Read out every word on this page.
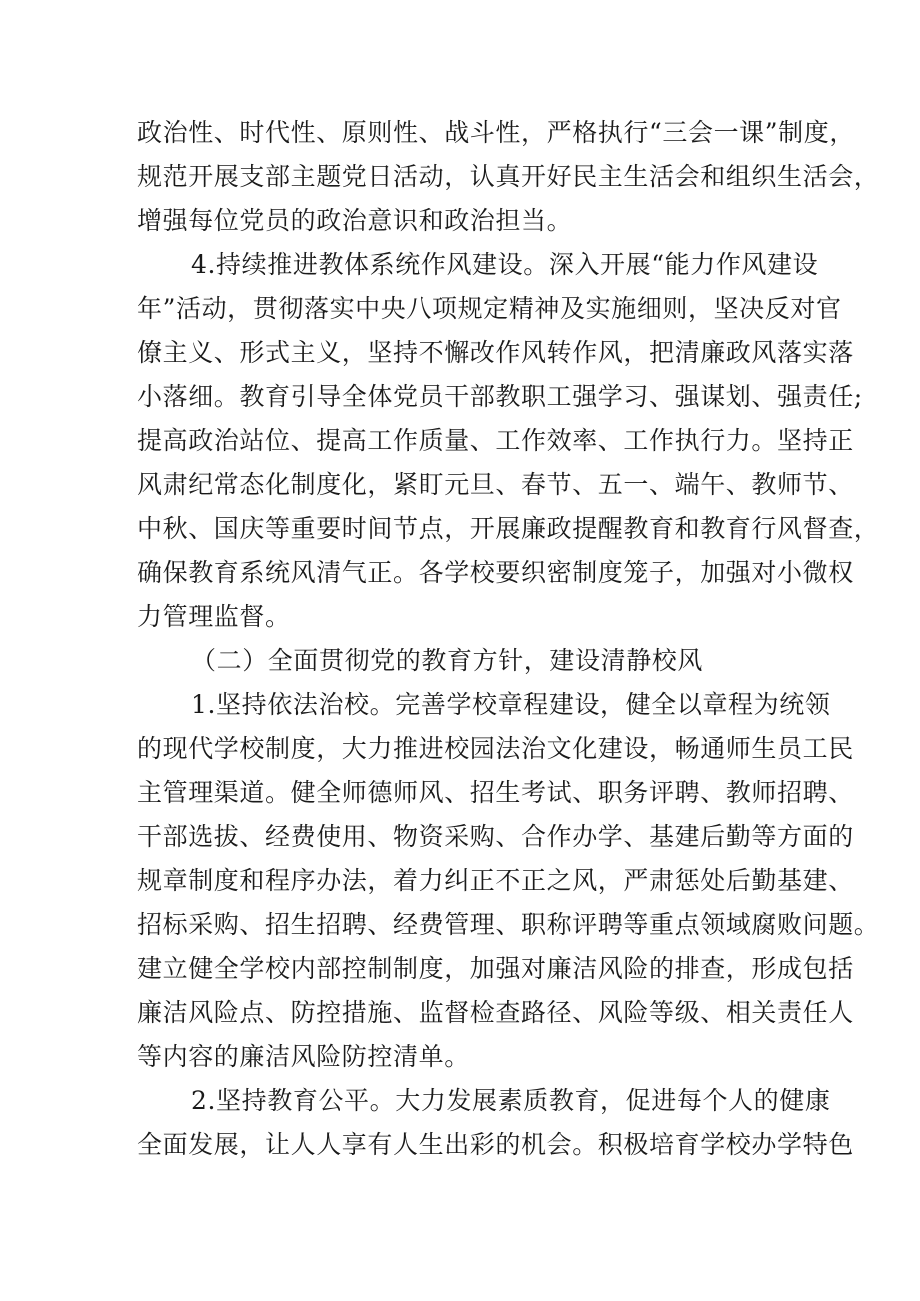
政治性、时代性、原则性、战斗性，严格执行“三会一课”制度，
规范开展支部主题党日活动，认真开好民主生活会和组织生活会，
增强每位党员的政治意识和政治担当。
4.持续推进教体系统作风建设。深入开展“能力作风建设
年”活动，贯彻落实中央八项规定精神及实施细则，坚决反对官
僚主义、形式主义，坚持不懈改作风转作风，把清廉政风落实落
小落细。教育引导全体党员干部教职工强学习、强谋划、强责任;
提高政治站位、提高工作质量、工作效率、工作执行力。坚持正
风肃纪常态化制度化，紧盯元旦、春节、五一、端午、教师节、
中秋、国庆等重要时间节点，开展廉政提醒教育和教育行风督查，
确保教育系统风清气正。各学校要织密制度笼子，加强对小微权
力管理监督。
（二）全面贯彻党的教育方针，建设清静校风
1.坚持依法治校。完善学校章程建设，健全以章程为统领
的现代学校制度，大力推进校园法治文化建设，畅通师生员工民
主管理渠道。健全师德师风、招生考试、职务评聘、教师招聘、
干部选拔、经费使用、物资采购、合作办学、基建后勤等方面的
规章制度和程序办法，着力纠正不正之风，严肃惩处后勤基建、
招标采购、招生招聘、经费管理、职称评聘等重点领域腐败问题。
建立健全学校内部控制制度，加强对廉洁风险的排查，形成包括
廉洁风险点、防控措施、监督检查路径、风险等级、相关责任人
等内容的廉洁风险防控清单。
2.坚持教育公平。大力发展素质教育，促进每个人的健康
全面发展，让人人享有人生出彩的机会。积极培育学校办学特色
